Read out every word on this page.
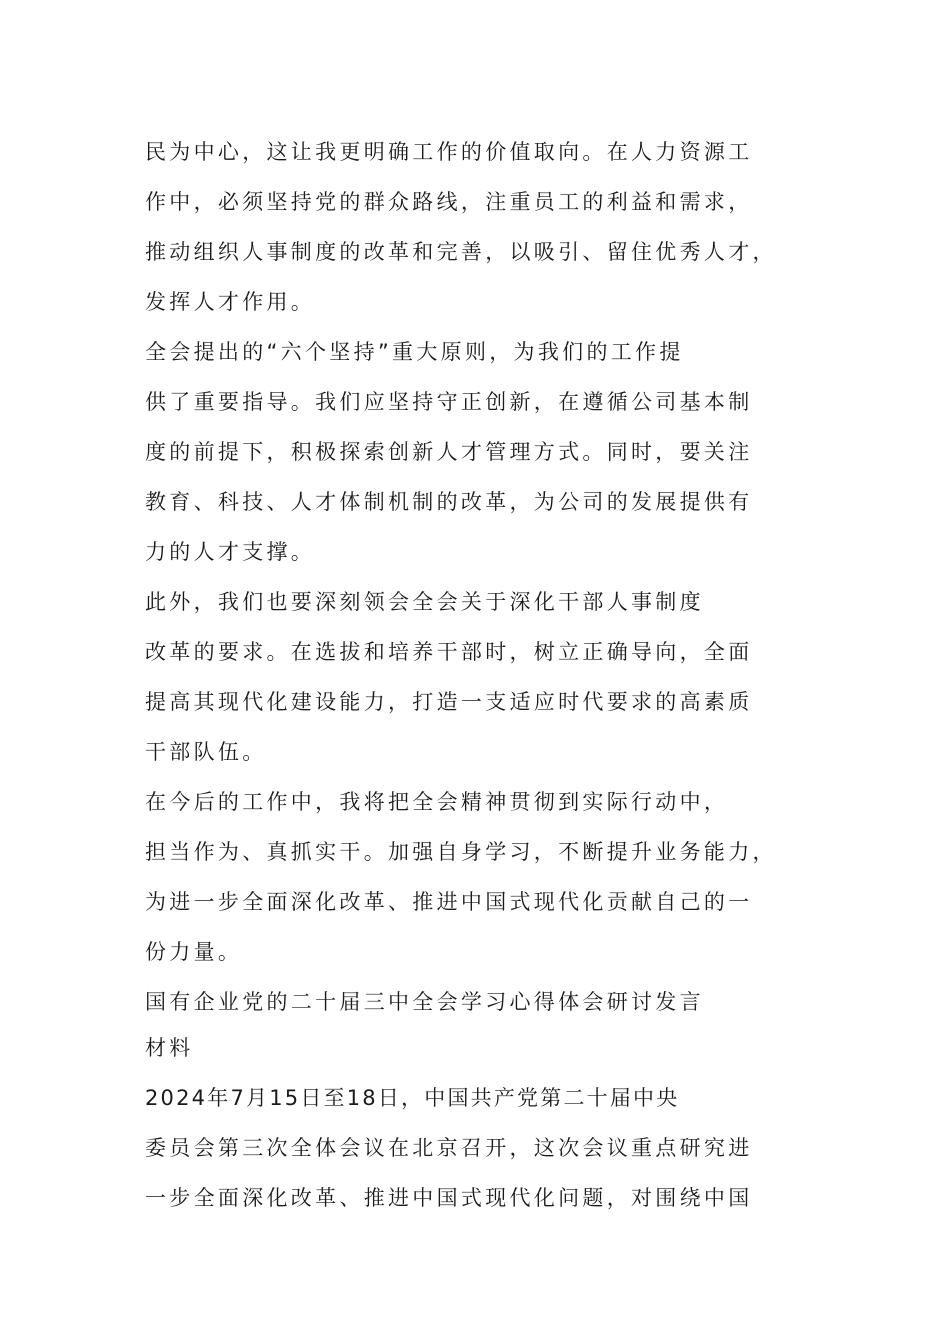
民为中心，这让我更明确工作的价值取向。在人力资源工

作中，必须坚持党的群众路线，注重员工的利益和需求，

推动组织人事制度的改革和完善，以吸引、留住优秀人才，

发挥人才作用。

全会提出的“六个坚持”重大原则，为我们的工作提

供了重要指导。我们应坚持守正创新，在遵循公司基本制

度的前提下，积极探索创新人才管理方式。同时，要关注

教育、科技、人才体制机制的改革，为公司的发展提供有

力的人才支撑。

此外，我们也要深刻领会全会关于深化干部人事制度

改革的要求。在选拔和培养干部时，树立正确导向，全面

提高其现代化建设能力，打造一支适应时代要求的高素质

干部队伍。

在今后的工作中，我将把全会精神贯彻到实际行动中，

担当作为、真抓实干。加强自身学习，不断提升业务能力，

为进一步全面深化改革、推进中国式现代化贡献自己的一

份力量。

国有企业党的二十届三中全会学习心得体会研讨发言

材料

2024年7月15日至18日，中国共产党第二十届中央

委员会第三次全体会议在北京召开，这次会议重点研究进

一步全面深化改革、推进中国式现代化问题，对围绕中国
